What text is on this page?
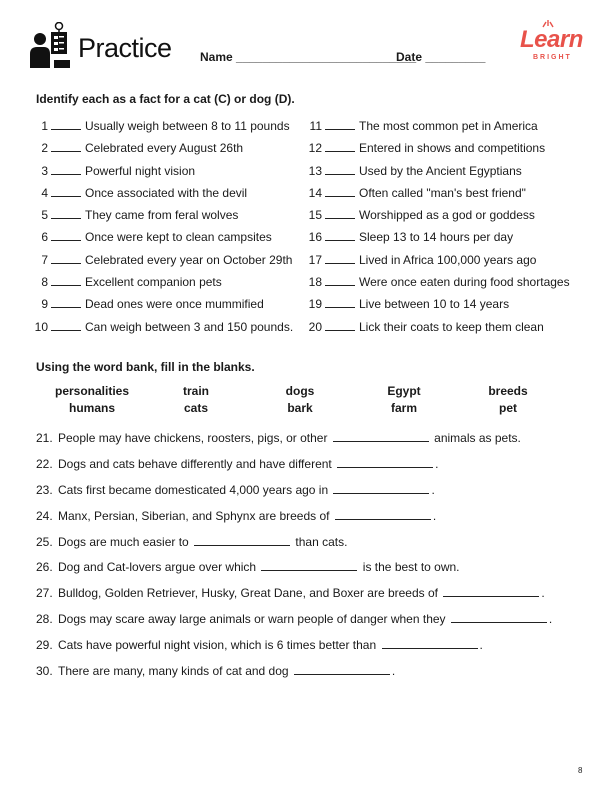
Practice Name ___________________________
Date _________
Learn
BRIGHT
Identify each as a fact for a cat (C) or dog (D).
1	Usually weigh between 8 to 11 pounds
2	Celebrated every August 26th
3	Powerful night vision
4	Once associated with the devil
5	They came from feral wolves
6	Once were kept to clean campsites
7	Celebrated every year on October 29th
8	Excellent companion pets
9	Dead ones were once mummified
10	Can weigh between 3 and 150 pounds.
11	The most common pet in America
12	Entered in shows and competitions
13	Used by the Ancient Egyptians
14	Often called "man's best friend"
15	Worshipped as a god or goddess
16	Sleep 13 to 14 hours per day
17	Lived in Africa 100,000 years ago
18	Were once eaten during food shortages
19	Live between 10 to 14 years
20	Lick their coats to keep them clean
Using the word bank, fill in the blanks.
personalities	train	dogs	Egypt	breeds
humans	cats	bark	farm	pet
21. People may have chickens, roosters, pigs, or other	animals as pets.
22. Dogs and cats behave differently and have different	.
23. Cats first became domesticated 4,000 years ago in	.
24. Manx, Persian, Siberian, and Sphynx are breeds of	.
25. Dogs are much easier to	than cats.
26. Dog and Cat-lovers argue over which	is the best to own.
27. Bulldog, Golden Retriever, Husky, Great Dane, and Boxer are breeds of	.
28. Dogs may scare away large animals or warn people of danger when they	.
29. Cats have powerful night vision, which is 6 times better than	.
30. There are many, many kinds of cat and dog	.
8
